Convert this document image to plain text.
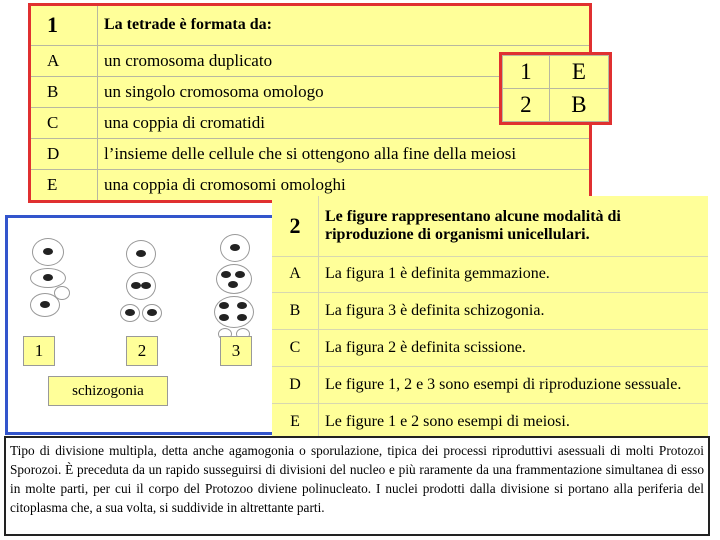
1	La tetrade è formata da:
A	un cromosoma duplicato
B	un singolo cromosoma omologo
C	una coppia di cromatidi
D	l’insieme delle cellule che si ottengono alla fine della meiosi
E	una coppia di cromosomi omologhi
1	E
2	B
1	2	3
schizogonia
2	Le figure rappresentano alcune modalità di riproduzione di organismi unicellulari.
A	La figura 1 è definita gemmazione.
B	La figura 3 è definita schizogonia.
C	La figura 2 è definita scissione.
D	Le figure 1, 2 e 3 sono esempi di riproduzione sessuale.
E	Le figure 1 e 2 sono esempi di meiosi.
Tipo di divisione multipla, detta anche agamogonia o sporulazione, tipica dei processi riproduttivi asessuali di molti Protozoi Sporozoi. È preceduta da un rapido susseguirsi di divisioni del nucleo e più raramente da una frammentazione simultanea di esso in molte parti, per cui il corpo del Protozoo diviene polinucleato. I nuclei prodotti dalla divisione si portano alla periferia del citoplasma che, a sua volta, si suddivide in altrettante parti.
